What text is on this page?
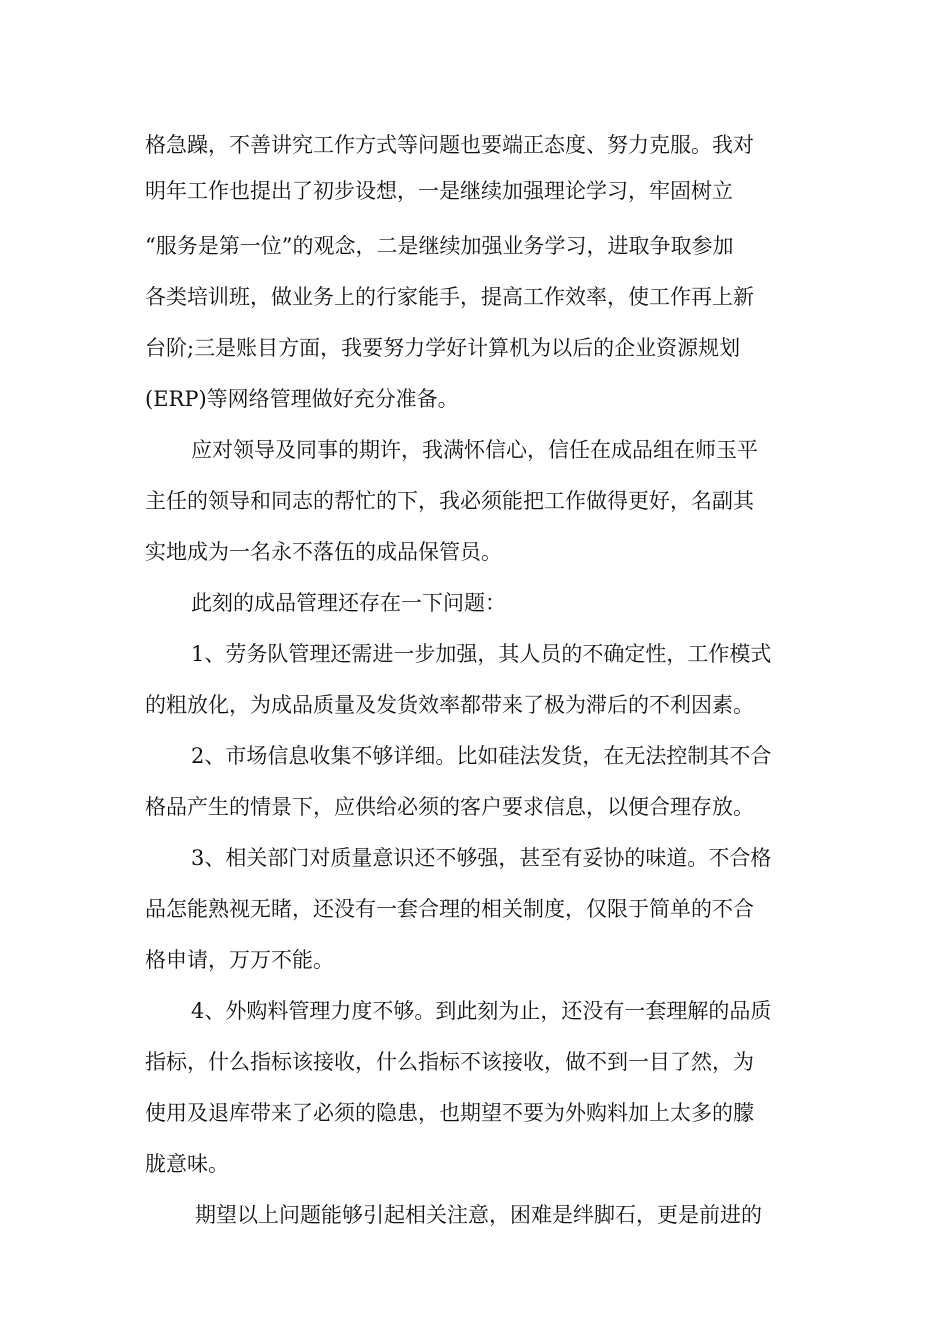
格急躁，不善讲究工作方式等问题也要端正态度、努力克服。我对
明年工作也提出了初步设想，一是继续加强理论学习，牢固树立
“服务是第一位”的观念，二是继续加强业务学习，进取争取参加
各类培训班，做业务上的行家能手，提高工作效率，使工作再上新
台阶;三是账目方面，我要努力学好计算机为以后的企业资源规划
(ERP)等网络管理做好充分准备。
应对领导及同事的期许，我满怀信心，信任在成品组在师玉平
主任的领导和同志的帮忙的下，我必须能把工作做得更好，名副其
实地成为一名永不落伍的成品保管员。
此刻的成品管理还存在一下问题：
1、劳务队管理还需进一步加强，其人员的不确定性，工作模式
的粗放化，为成品质量及发货效率都带来了极为滞后的不利因素。
2、市场信息收集不够详细。比如硅法发货，在无法控制其不合
格品产生的情景下，应供给必须的客户要求信息，以便合理存放。
3、相关部门对质量意识还不够强，甚至有妥协的味道。不合格
品怎能熟视无睹，还没有一套合理的相关制度，仅限于简单的不合
格申请，万万不能。
4、外购料管理力度不够。到此刻为止，还没有一套理解的品质
指标，什么指标该接收，什么指标不该接收，做不到一目了然，为
使用及退库带来了必须的隐患，也期望不要为外购料加上太多的朦
胧意味。
期望以上问题能够引起相关注意，困难是绊脚石，更是前进的
